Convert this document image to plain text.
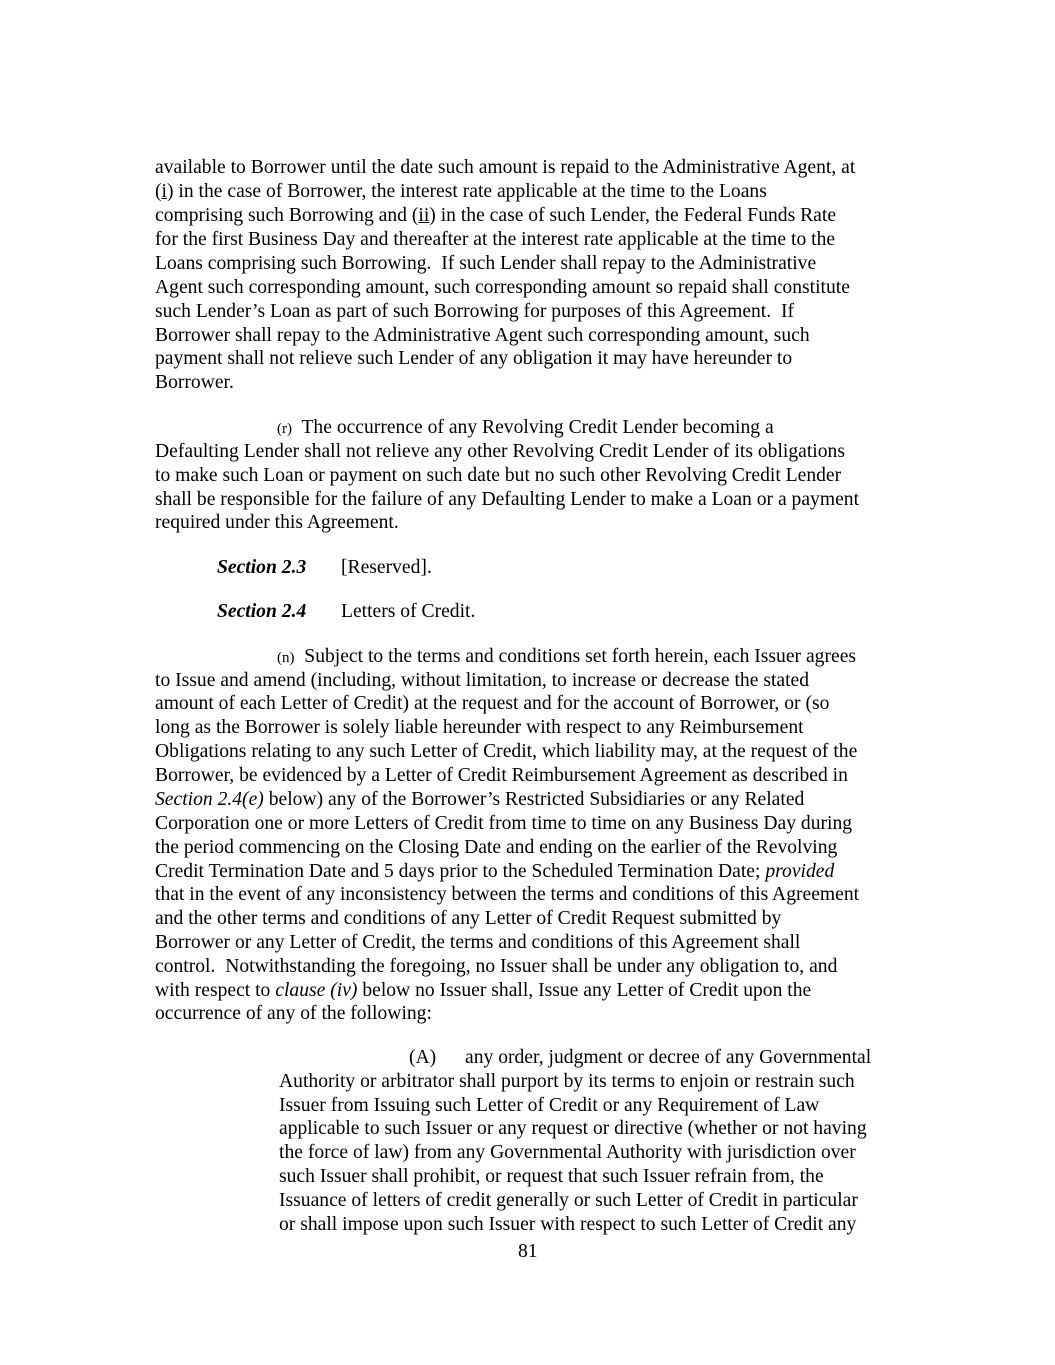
available to Borrower until the date such amount is repaid to the Administrative Agent, at
(i) in the case of Borrower, the interest rate applicable at the time to the Loans
comprising such Borrowing and (ii) in the case of such Lender, the Federal Funds Rate
for the first Business Day and thereafter at the interest rate applicable at the time to the
Loans comprising such Borrowing.  If such Lender shall repay to the Administrative
Agent such corresponding amount, such corresponding amount so repaid shall constitute
such Lender’s Loan as part of such Borrowing for purposes of this Agreement.  If
Borrower shall repay to the Administrative Agent such corresponding amount, such
payment shall not relieve such Lender of any obligation it may have hereunder to
Borrower.
(r) The occurrence of any Revolving Credit Lender becoming a
Defaulting Lender shall not relieve any other Revolving Credit Lender of its obligations
to make such Loan or payment on such date but no such other Revolving Credit Lender
shall be responsible for the failure of any Defaulting Lender to make a Loan or a payment
required under this Agreement.
Section 2.3 [Reserved].
Section 2.4 Letters of Credit.
(n) Subject to the terms and conditions set forth herein, each Issuer agrees
to Issue and amend (including, without limitation, to increase or decrease the stated
amount of each Letter of Credit) at the request and for the account of Borrower, or (so
long as the Borrower is solely liable hereunder with respect to any Reimbursement
Obligations relating to any such Letter of Credit, which liability may, at the request of the
Borrower, be evidenced by a Letter of Credit Reimbursement Agreement as described in
Section 2.4(e) below) any of the Borrower’s Restricted Subsidiaries or any Related
Corporation one or more Letters of Credit from time to time on any Business Day during
the period commencing on the Closing Date and ending on the earlier of the Revolving
Credit Termination Date and 5 days prior to the Scheduled Termination Date; provided
that in the event of any inconsistency between the terms and conditions of this Agreement
and the other terms and conditions of any Letter of Credit Request submitted by
Borrower or any Letter of Credit, the terms and conditions of this Agreement shall
control.  Notwithstanding the foregoing, no Issuer shall be under any obligation to, and
with respect to clause (iv) below no Issuer shall, Issue any Letter of Credit upon the
occurrence of any of the following:
(A) any order, judgment or decree of any Governmental
Authority or arbitrator shall purport by its terms to enjoin or restrain such
Issuer from Issuing such Letter of Credit or any Requirement of Law
applicable to such Issuer or any request or directive (whether or not having
the force of law) from any Governmental Authority with jurisdiction over
such Issuer shall prohibit, or request that such Issuer refrain from, the
Issuance of letters of credit generally or such Letter of Credit in particular
or shall impose upon such Issuer with respect to such Letter of Credit any
81
